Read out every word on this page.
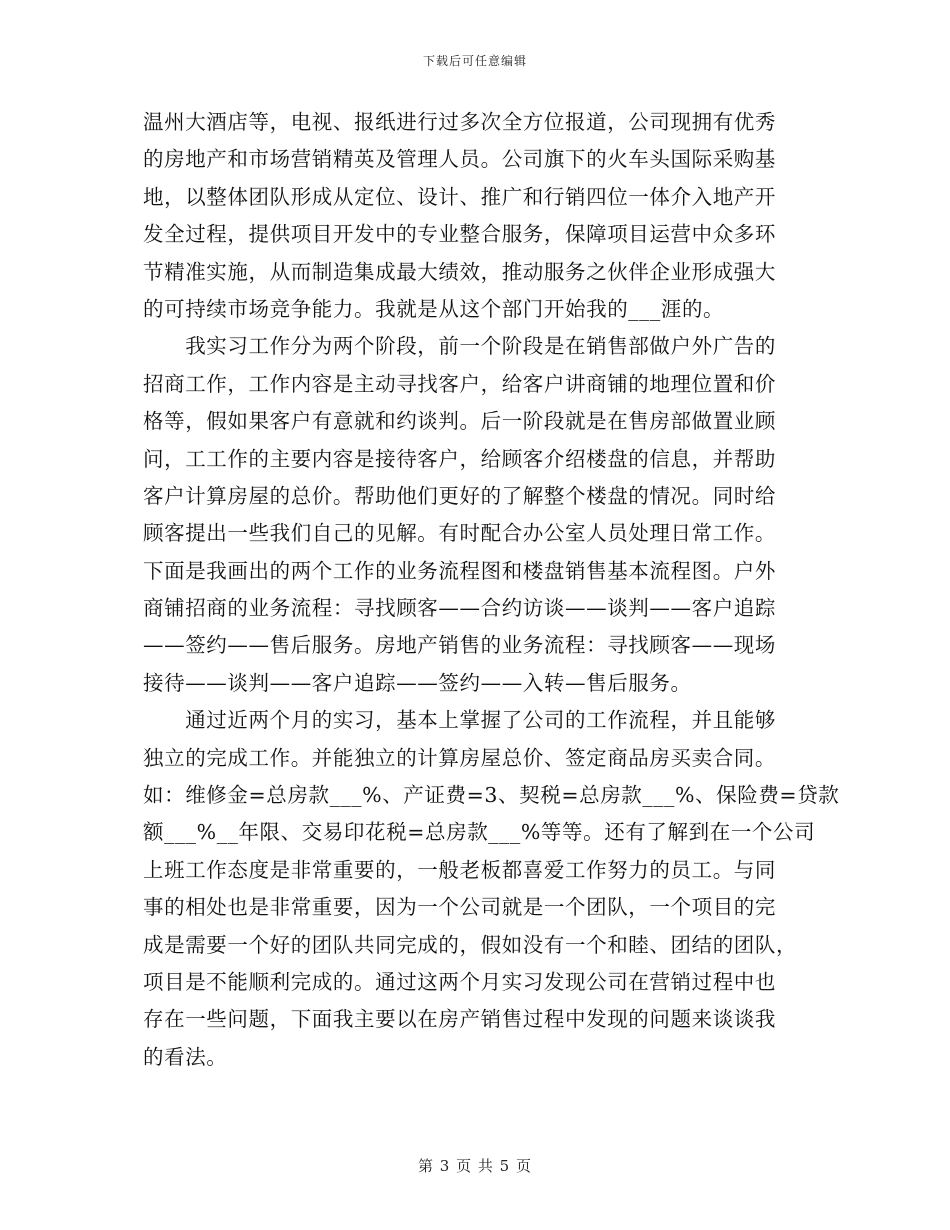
下载后可任意编辑
温州大酒店等，电视、报纸进行过多次全方位报道，公司现拥有优秀
的房地产和市场营销精英及管理人员。公司旗下的火车头国际采购基
地，以整体团队形成从定位、设计、推广和行销四位一体介入地产开
发全过程，提供项目开发中的专业整合服务，保障项目运营中众多环
节精准实施，从而制造集成最大绩效，推动服务之伙伴企业形成强大
的可持续市场竞争能力。我就是从这个部门开始我的___涯的。
　　我实习工作分为两个阶段，前一个阶段是在销售部做户外广告的
招商工作，工作内容是主动寻找客户，给客户讲商铺的地理位置和价
格等，假如果客户有意就和约谈判。后一阶段就是在售房部做置业顾
问，工工作的主要内容是接待客户，给顾客介绍楼盘的信息，并帮助
客户计算房屋的总价。帮助他们更好的了解整个楼盘的情况。同时给
顾客提出一些我们自己的见解。有时配合办公室人员处理日常工作。
下面是我画出的两个工作的业务流程图和楼盘销售基本流程图。户外
商铺招商的业务流程：寻找顾客——合约访谈——谈判——客户追踪
——签约——售后服务。房地产销售的业务流程：寻找顾客——现场
接待——谈判——客户追踪——签约——入转—售后服务。
　　通过近两个月的实习，基本上掌握了公司的工作流程，并且能够
独立的完成工作。并能独立的计算房屋总价、签定商品房买卖合同。
如：维修金=总房款___%、产证费=3、契税=总房款___%、保险费=贷款
额___%__年限、交易印花税=总房款___%等等。还有了解到在一个公司
上班工作态度是非常重要的，一般老板都喜爱工作努力的员工。与同
事的相处也是非常重要，因为一个公司就是一个团队，一个项目的完
成是需要一个好的团队共同完成的，假如没有一个和睦、团结的团队，
项目是不能顺利完成的。通过这两个月实习发现公司在营销过程中也
存在一些问题，下面我主要以在房产销售过程中发现的问题来谈谈我
的看法。
第 3 页 共 5 页
